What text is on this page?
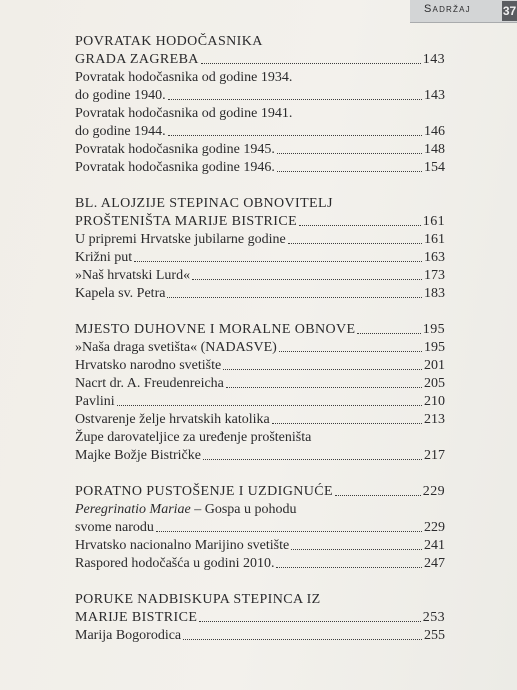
Sadržaj	37
POVRATAK HODOČASNIKA
GRADA ZAGREBA	143
Povratak hodočasnika od godine 1934.
do godine 1940.	143
Povratak hodočasnika od godine 1941.
do godine 1944.	146
Povratak hodočasnika godine 1945.	148
Povratak hodočasnika godine 1946.	154
BL. ALOJZIJE STEPINAC OBNOVITELJ
PROŠTENIŠTA MARIJE BISTRICE	161
U pripremi Hrvatske jubilarne godine	161
Križni put	163
»Naš hrvatski Lurd«	173
Kapela sv. Petra	183
MJESTO DUHOVNE I MORALNE OBNOVE	195
»Naša draga svetišta« (NADASVE)	195
Hrvatsko narodno svetište	201
Nacrt dr. A. Freudenreicha	205
Pavlini	210
Ostvarenje želje hrvatskih katolika	213
Župe darovateljice za uređenje prošteništa
Majke Božje Bistričke	217
PORATNO PUSTOŠENJE I UZDIGNUĆE	229
Peregrinatio Mariae – Gospa u pohodu
svome narodu	229
Hrvatsko nacionalno Marijino svetište	241
Raspored hodočašća u godini 2010.	247
PORUKE NADBISKUPA STEPINCA IZ
MARIJE BISTRICE	253
Marija Bogorodica	255
